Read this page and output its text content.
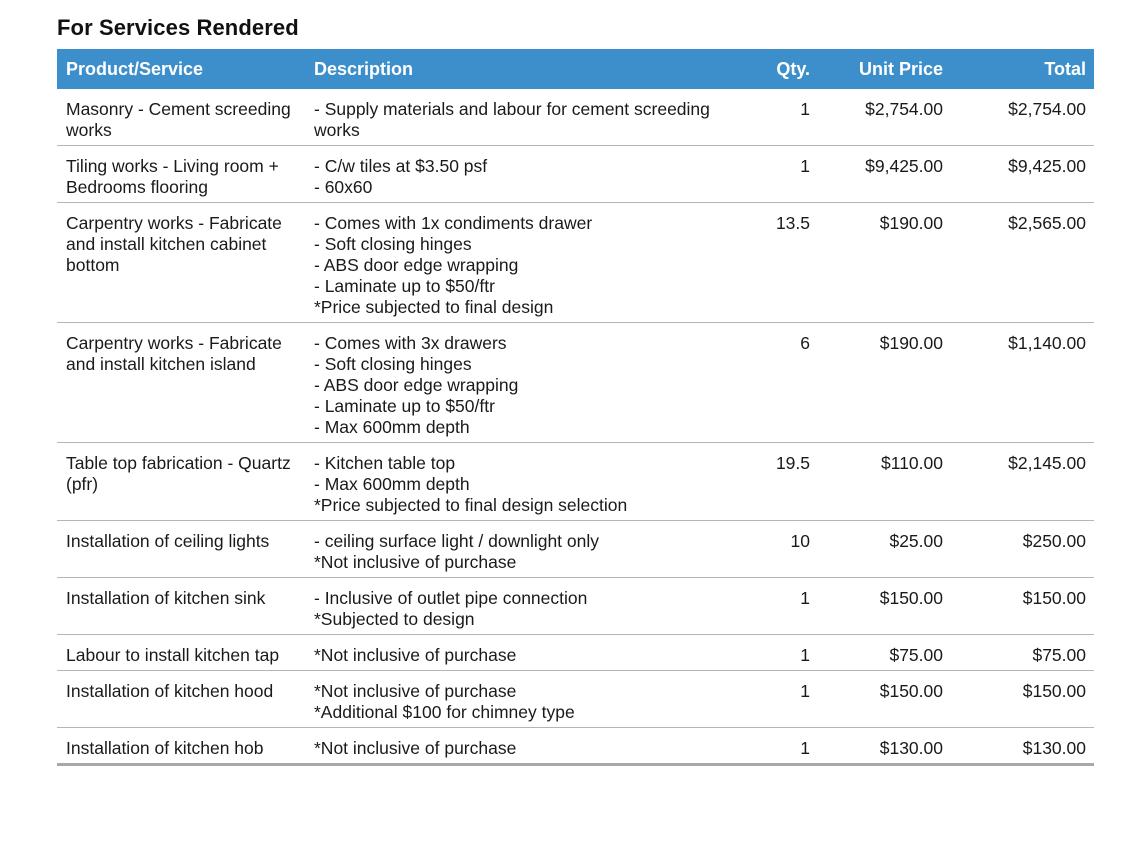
For Services Rendered
Product/Service	Description	Qty.	Unit Price	Total
Masonry - Cement screeding works	- Supply materials and labour for cement screeding works	1	$2,754.00	$2,754.00
Tiling works - Living room + Bedrooms flooring	- C/w tiles at $3.50 psf
- 60x60	1	$9,425.00	$9,425.00
Carpentry works - Fabricate and install kitchen cabinet bottom	- Comes with 1x condiments drawer
- Soft closing hinges
- ABS door edge wrapping
- Laminate up to $50/ftr
*Price subjected to final design	13.5	$190.00	$2,565.00
Carpentry works - Fabricate and install kitchen island	- Comes with 3x drawers
- Soft closing hinges
- ABS door edge wrapping
- Laminate up to $50/ftr
- Max 600mm depth	6	$190.00	$1,140.00
Table top fabrication - Quartz (pfr)	- Kitchen table top
- Max 600mm depth
*Price subjected to final design selection	19.5	$110.00	$2,145.00
Installation of ceiling lights	- ceiling surface light / downlight only
*Not inclusive of purchase	10	$25.00	$250.00
Installation of kitchen sink	- Inclusive of outlet pipe connection
*Subjected to design	1	$150.00	$150.00
Labour to install kitchen tap	*Not inclusive of purchase	1	$75.00	$75.00
Installation of kitchen hood	*Not inclusive of purchase
*Additional $100 for chimney type	1	$150.00	$150.00
Installation of kitchen hob	*Not inclusive of purchase	1	$130.00	$130.00
